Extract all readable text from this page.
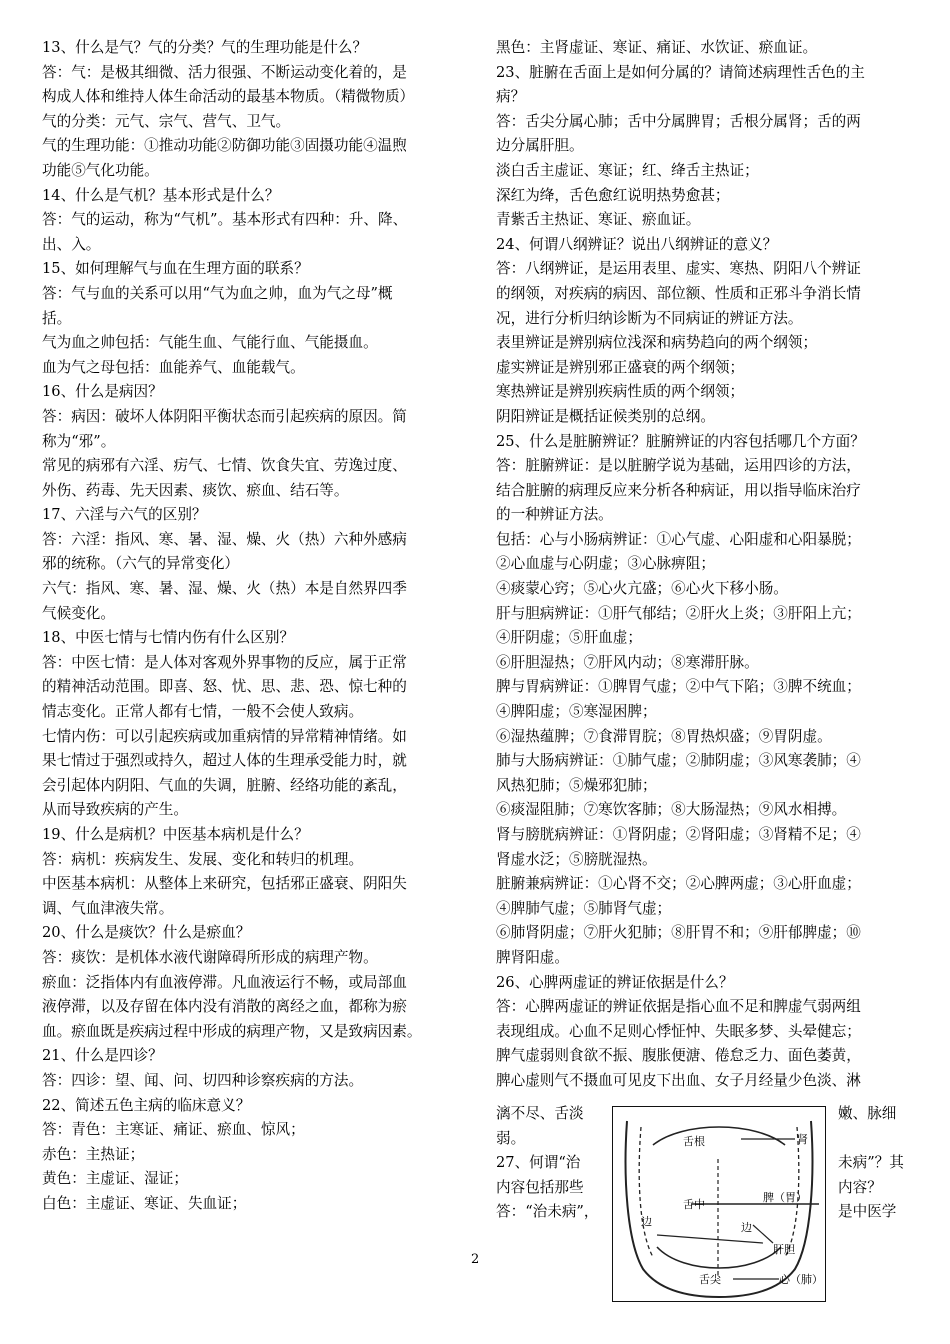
13、什么是气？气的分类？气的生理功能是什么？
答：气：是极其细微、活力很强、不断运动变化着的，是
构成人体和维持人体生命活动的最基本物质。（精微物质）
气的分类：元气、宗气、营气、卫气。
气的生理功能：①推动功能②防御功能③固摄功能④温煦
功能⑤气化功能。
14、什么是气机？基本形式是什么？
答：气的运动，称为“气机”。基本形式有四种：升、降、
出、入。
15、如何理解气与血在生理方面的联系？
答：气与血的关系可以用“气为血之帅，血为气之母”概
括。
气为血之帅包括：气能生血、气能行血、气能摄血。
血为气之母包括：血能养气、血能载气。
16、什么是病因？
答：病因：破坏人体阴阳平衡状态而引起疾病的原因。简
称为“邪”。
常见的病邪有六淫、疠气、七情、饮食失宜、劳逸过度、
外伤、药毒、先天因素、痰饮、瘀血、结石等。
17、六淫与六气的区别？
答：六淫：指风、寒、暑、湿、燥、火（热）六种外感病
邪的统称。（六气的异常变化）
六气：指风、寒、暑、湿、燥、火（热）本是自然界四季
气候变化。
18、中医七情与七情内伤有什么区别？
答：中医七情：是人体对客观外界事物的反应，属于正常
的精神活动范围。即喜、怒、忧、思、悲、恐、惊七种的
情志变化。正常人都有七情，一般不会使人致病。
七情内伤：可以引起疾病或加重病情的异常精神情绪。如
果七情过于强烈或持久，超过人体的生理承受能力时，就
会引起体内阴阳、气血的失调，脏腑、经络功能的紊乱，
从而导致疾病的产生。
19、什么是病机？中医基本病机是什么？
答：病机：疾病发生、发展、变化和转归的机理。
中医基本病机：从整体上来研究，包括邪正盛衰、阴阳失
调、气血津液失常。
20、什么是痰饮？什么是瘀血？
答：痰饮：是机体水液代谢障碍所形成的病理产物。
瘀血：泛指体内有血液停滞。凡血液运行不畅，或局部血
液停滞，以及存留在体内没有消散的离经之血，都称为瘀
血。瘀血既是疾病过程中形成的病理产物，又是致病因素。
21、什么是四诊？
答：四诊：望、闻、问、切四种诊察疾病的方法。
22、简述五色主病的临床意义？
答：青色：主寒证、痛证、瘀血、惊风；
赤色：主热证；
黄色：主虚证、湿证；
白色：主虚证、寒证、失血证；
黑色：主肾虚证、寒证、痛证、水饮证、瘀血证。
23、脏腑在舌面上是如何分属的？请简述病理性舌色的主
病？
答：舌尖分属心肺；舌中分属脾胃；舌根分属肾；舌的两
边分属肝胆。
淡白舌主虚证、寒证；红、绛舌主热证；
深红为绛，舌色愈红说明热势愈甚；
青紫舌主热证、寒证、瘀血证。
24、何谓八纲辨证？说出八纲辨证的意义？
答：八纲辨证，是运用表里、虚实、寒热、阴阳八个辨证
的纲领，对疾病的病因、部位额、性质和正邪斗争消长情
况，进行分析归纳诊断为不同病证的辨证方法。
表里辨证是辨别病位浅深和病势趋向的两个纲领；
虚实辨证是辨别邪正盛衰的两个纲领；
寒热辨证是辨别疾病性质的两个纲领；
阴阳辨证是概括证候类别的总纲。
25、什么是脏腑辨证？脏腑辨证的内容包括哪几个方面？
答：脏腑辨证：是以脏腑学说为基础，运用四诊的方法，
结合脏腑的病理反应来分析各种病证，用以指导临床治疗
的一种辨证方法。
包括：心与小肠病辨证：①心气虚、心阳虚和心阳暴脱；
②心血虚与心阴虚；③心脉痹阻；
④痰蒙心窍；⑤心火亢盛；⑥心火下移小肠。
肝与胆病辨证：①肝气郁结；②肝火上炎；③肝阳上亢；
④肝阴虚；⑤肝血虚；
⑥肝胆湿热；⑦肝风内动；⑧寒滞肝脉。
脾与胃病辨证：①脾胃气虚；②中气下陷；③脾不统血；
④脾阳虚；⑤寒湿困脾；
⑥湿热蕴脾；⑦食滞胃脘；⑧胃热炽盛；⑨胃阴虚。
肺与大肠病辨证：①肺气虚；②肺阴虚；③风寒袭肺；④
风热犯肺；⑤燥邪犯肺；
⑥痰湿阻肺；⑦寒饮客肺；⑧大肠湿热；⑨风水相搏。
肾与膀胱病辨证：①肾阴虚；②肾阳虚；③肾精不足；④
肾虚水泛；⑤膀胱湿热。
脏腑兼病辨证：①心肾不交；②心脾两虚；③心肝血虚；
④脾肺气虚；⑤肺肾气虚；
⑥肺肾阴虚；⑦肝火犯肺；⑧肝胃不和；⑨肝郁脾虚；⑩
脾肾阳虚。
26、心脾两虚证的辨证依据是什么？
答：心脾两虚证的辨证依据是指心血不足和脾虚气弱两组
表现组成。心血不足则心悸怔忡、失眠多梦、头晕健忘；
脾气虚弱则食欲不振、腹胀便溏、倦怠乏力、面色萎黄，
脾心虚则气不摄血可见皮下出血、女子月经量少色淡、淋
漓不尽、舌淡	嫩、脉细
弱。
27、何谓“治	未病”？其
内容包括那些	内容？
答：“治未病”，	是中医学
舌根	肾
舌中
脾（胃）
边	边
肝胆
舌尖	心（肺）
2
